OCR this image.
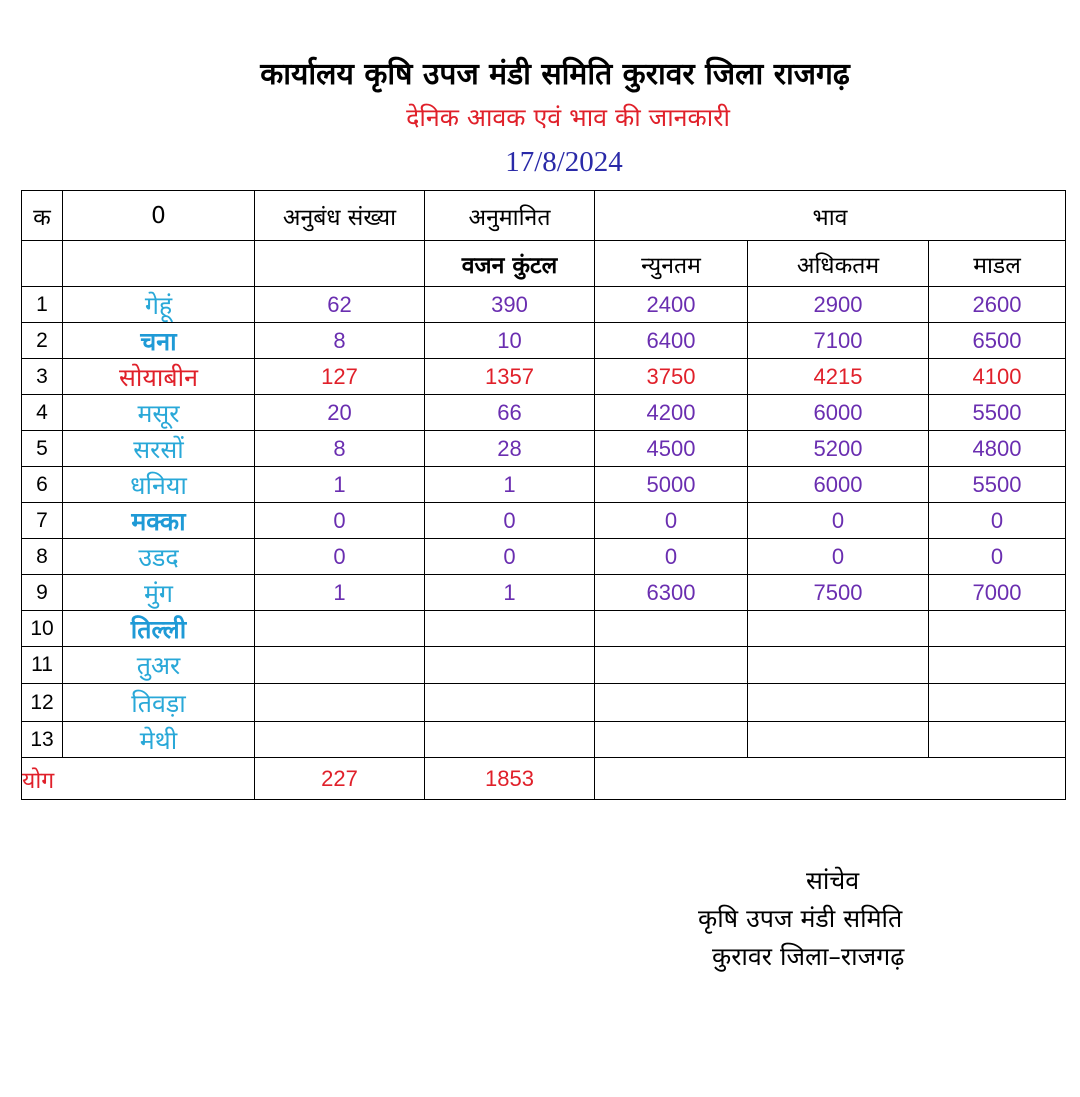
कार्यालय कृषि उपज मंडी समिति कुरावर जिला राजगढ़
देनिक आवक एवं भाव की जानकारी
17/8/2024
क	0	अनुबंध संख्या	अनुमानित	भाव		
			वजन कुंटल	न्युनतम	अधिकतम	माडल
1	गेहूं	62	390	2400	2900	2600
2	चना	8	10	6400	7100	6500
3	सोयाबीन	127	1357	3750	4215	4100
4	मसूर	20	66	4200	6000	5500
5	सरसों	8	28	4500	5200	4800
6	धनिया	1	1	5000	6000	5500
7	मक्का	0	0	0	0	0
8	उडद	0	0	0	0	0
9	मुंग	1	1	6300	7500	7000
10	तिल्ली					
11	तुअर					
12	तिवड़ा					
13	मेथी					
योग		227	1853			
सांचेव
कृषि उपज मंडी समिति
कुरावर जिला–राजगढ़
